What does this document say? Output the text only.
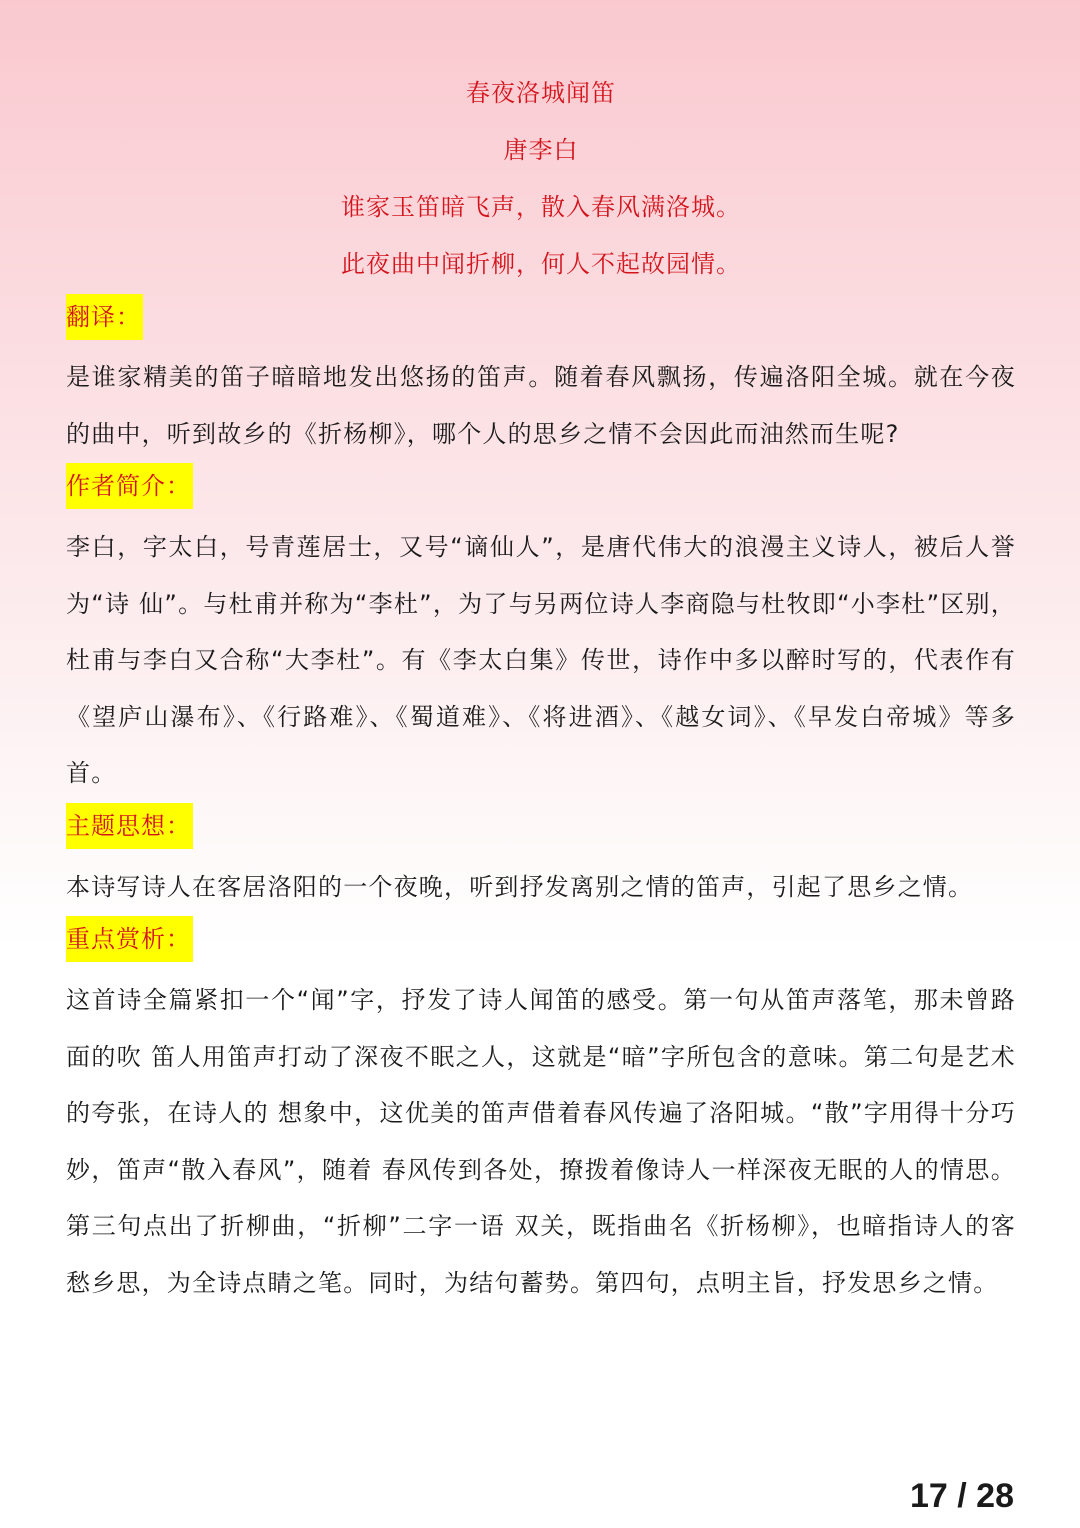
春夜洛城闻笛
唐李白
谁家玉笛暗飞声，散入春风满洛城。
此夜曲中闻折柳，何人不起故园情。
翻译：
是谁家精美的笛子暗暗地发出悠扬的笛声。随着春风飘扬，传遍洛阳全城。就在今夜的曲中，听到故乡的《折杨柳》，哪个人的思乡之情不会因此而油然而生呢?
作者简介：
李白，字太白，号青莲居士，又号“谪仙人”，是唐代伟大的浪漫主义诗人，被后人誉为“诗 仙”。与杜甫并称为“李杜”，为了与另两位诗人李商隐与杜牧即“小李杜”区别，杜甫与李白又合称“大李杜”。有《李太白集》传世，诗作中多以醉时写的，代表作有《望庐山瀑布》、《行路难》、《蜀道难》、《将进酒》、《越女词》、《早发白帝城》等多首。
主题思想：
本诗写诗人在客居洛阳的一个夜晚，听到抒发离别之情的笛声，引起了思乡之情。
重点赏析：
这首诗全篇紧扣一个“闻”字，抒发了诗人闻笛的感受。第一句从笛声落笔，那未曾路面的吹 笛人用笛声打动了深夜不眠之人，这就是“暗”字所包含的意味。第二句是艺术的夸张，在诗人的 想象中，这优美的笛声借着春风传遍了洛阳城。“散”字用得十分巧妙，笛声“散入春风”，随着 春风传到各处，撩拨着像诗人一样深夜无眠的人的情思。第三句点出了折柳曲，“折柳”二字一语 双关，既指曲名《折杨柳》，也暗指诗人的客愁乡思，为全诗点睛之笔。同时，为结句蓄势。第四句，点明主旨，抒发思乡之情。
17 / 28
